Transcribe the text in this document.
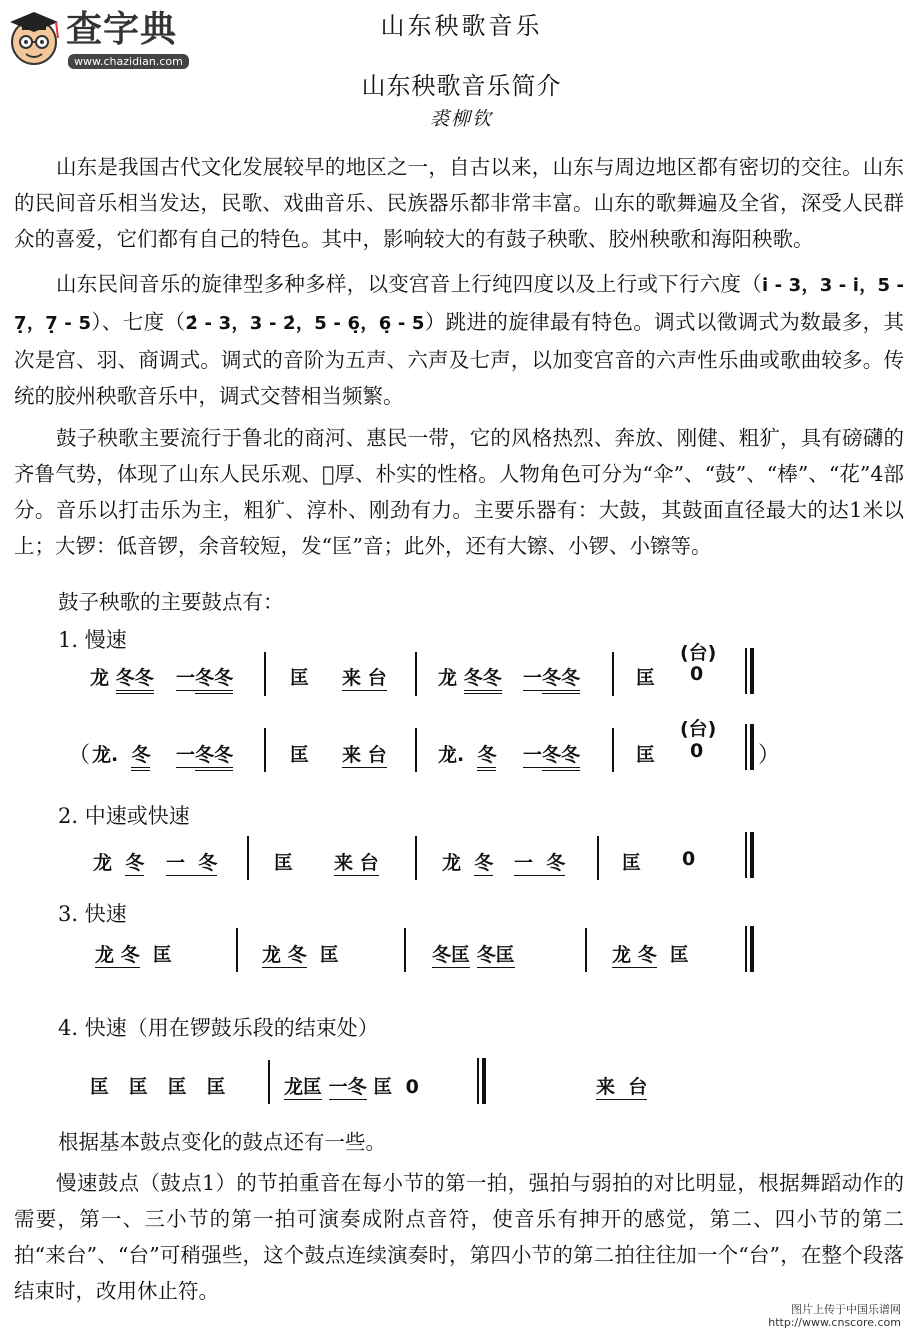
查字典
www.chazidian.com
山东秧歌音乐
山东秧歌音乐简介
裘柳钦
山东是我国古代文化发展较早的地区之一，自古以来，山东与周边地区都有密切的交往。山东的民间音乐相当发达，民歌、戏曲音乐、民族器乐都非常丰富。山东的歌舞遍及全省，深受人民群众的喜爱，它们都有自己的特色。其中，影响较大的有鼓子秧歌、胶州秧歌和海阳秧歌。
山东民间音乐的旋律型多种多样，以变宫音上行纯四度以及上行或下行六度（i̇ - 3，3 - i̇，5 - 7̣，7̣ - 5）、七度（2̇ - 3，3 - 2̇，5 - 6̣，6̣ - 5）跳进的旋律最有特色。调式以徵调式为数最多，其次是宫、羽、商调式。调式的音阶为五声、六声及七声，以加变宫音的六声性乐曲或歌曲较多。传统的胶州秧歌音乐中，调式交替相当频繁。
鼓子秧歌主要流行于鲁北的商河、惠民一带，它的风格热烈、奔放、刚健、粗犷，具有磅礴的齐鲁气势，体现了山东人民乐观、𫠠厚、朴实的性格。人物角色可分为“伞”、“鼓”、“棒”、“花”4部分。音乐以打击乐为主，粗犷、淳朴、刚劲有力。主要乐器有：大鼓，其鼓面直径最大的达1米以上；大锣：低音锣，余音较短，发“匡”音；此外，还有大镲、小锣、小镲等。
鼓子秧歌的主要鼓点有：
1. 慢速
龙 冬冬 一冬冬	匡 来 台	龙 冬冬 一冬冬	匡
(台)
0
（ 龙. 冬 一冬冬	匡 来 台	龙. 冬 一冬冬	匡
(台)
0 ）
2. 中速或快速
龙 冬 一 冬	匡 来 台	龙 冬 一 冬	匡 0
3. 快速
龙 冬 匡	龙 冬 匡	冬匡 冬匡	龙 冬 匡
4. 快速（用在锣鼓乐段的结束处）
匡 匡 匡 匡	龙匡 一冬 匡 0	来 台
根据基本鼓点变化的鼓点还有一些。
慢速鼓点（鼓点1）的节拍重音在每小节的第一拍，强拍与弱拍的对比明显，根据舞蹈动作的需要，第一、三小节的第一拍可演奏成附点音符，使音乐有抻开的感觉，第二、四小节的第二拍“来台”、“台”可稍强些，这个鼓点连续演奏时，第四小节的第二拍往往加一个“台”，在整个段落结束时，改用休止符。
图片上传于中国乐谱网
http://www.cnscore.com
